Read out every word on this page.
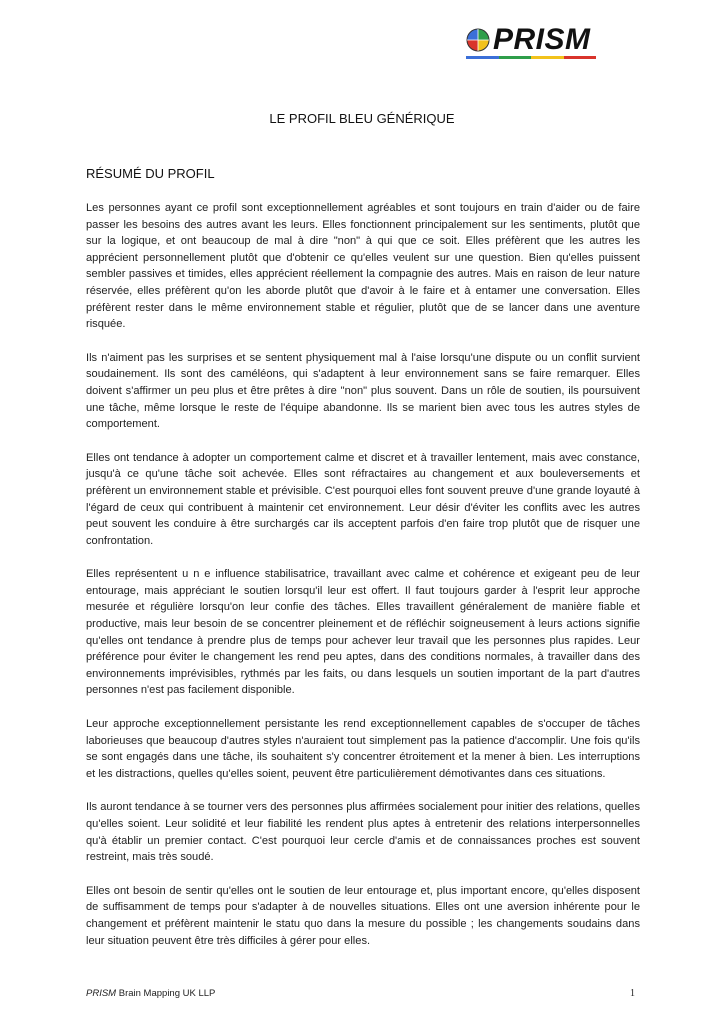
PRISM
LE PROFIL BLEU GÉNÉRIQUE
RÉSUMÉ DU PROFIL

Les personnes ayant ce profil sont exceptionnellement agréables et sont toujours en train d'aider ou de faire passer les besoins des autres avant les leurs. Elles fonctionnent principalement sur les sentiments, plutôt que sur la logique, et ont beaucoup de mal à dire "non" à qui que ce soit. Elles préfèrent que les autres les apprécient personnellement plutôt que d'obtenir ce qu'elles veulent sur une question. Bien qu'elles puissent sembler passives et timides, elles apprécient réellement la compagnie des autres. Mais en raison de leur nature réservée, elles préfèrent qu'on les aborde plutôt que d'avoir à le faire et à entamer une conversation. Elles préfèrent rester dans le même environnement stable et régulier, plutôt que de se lancer dans une aventure risquée.

Ils n'aiment pas les surprises et se sentent physiquement mal à l'aise lorsqu'une dispute ou un conflit survient soudainement. Ils sont des caméléons, qui s'adaptent à leur environnement sans se faire remarquer. Elles doivent s'affirmer un peu plus et être prêtes à dire "non" plus souvent. Dans un rôle de soutien, ils poursuivent une tâche, même lorsque le reste de l'équipe abandonne. Ils se marient bien avec tous les autres styles de comportement.

Elles ont tendance à adopter un comportement calme et discret et à travailler lentement, mais avec constance, jusqu'à ce qu'une tâche soit achevée. Elles sont réfractaires au changement et aux bouleversements et préfèrent un environnement stable et prévisible. C'est pourquoi elles font souvent preuve d'une grande loyauté à l'égard de ceux qui contribuent à maintenir cet environnement. Leur désir d'éviter les conflits avec les autres peut souvent les conduire à être surchargés car ils acceptent parfois d'en faire trop plutôt que de risquer une confrontation.

Elles représentent u n e influence stabilisatrice, travaillant avec calme et cohérence et exigeant peu de leur entourage, mais appréciant le soutien lorsqu'il leur est offert. Il faut toujours garder à l'esprit leur approche mesurée et régulière lorsqu'on leur confie des tâches. Elles travaillent généralement de manière fiable et productive, mais leur besoin de se concentrer pleinement et de réfléchir soigneusement à leurs actions signifie qu'elles ont tendance à prendre plus de temps pour achever leur travail que les personnes plus rapides. Leur préférence pour éviter le changement les rend peu aptes, dans des conditions normales, à travailler dans des environnements imprévisibles, rythmés par les faits, ou dans lesquels un soutien important de la part d'autres personnes n'est pas facilement disponible.

Leur approche exceptionnellement persistante les rend exceptionnellement capables de s'occuper de tâches laborieuses que beaucoup d'autres styles n'auraient tout simplement pas la patience d'accomplir. Une fois qu'ils se sont engagés dans une tâche, ils souhaitent s'y concentrer étroitement et la mener à bien. Les interruptions et les distractions, quelles qu'elles soient, peuvent être particulièrement démotivantes dans ces situations.

Ils auront tendance à se tourner vers des personnes plus affirmées socialement pour initier des relations, quelles qu'elles soient. Leur solidité et leur fiabilité les rendent plus aptes à entretenir des relations interpersonnelles qu'à établir un premier contact. C'est pourquoi leur cercle d'amis et de connaissances proches est souvent restreint, mais très soudé.

Elles ont besoin de sentir qu'elles ont le soutien de leur entourage et, plus important encore, qu'elles disposent de suffisamment de temps pour s'adapter à de nouvelles situations. Elles ont une aversion inhérente pour le changement et préfèrent maintenir le statu quo dans la mesure du possible ; les changements soudains dans leur situation peuvent être très difficiles à gérer pour elles.

PRISM Brain Mapping UK LLP	1
